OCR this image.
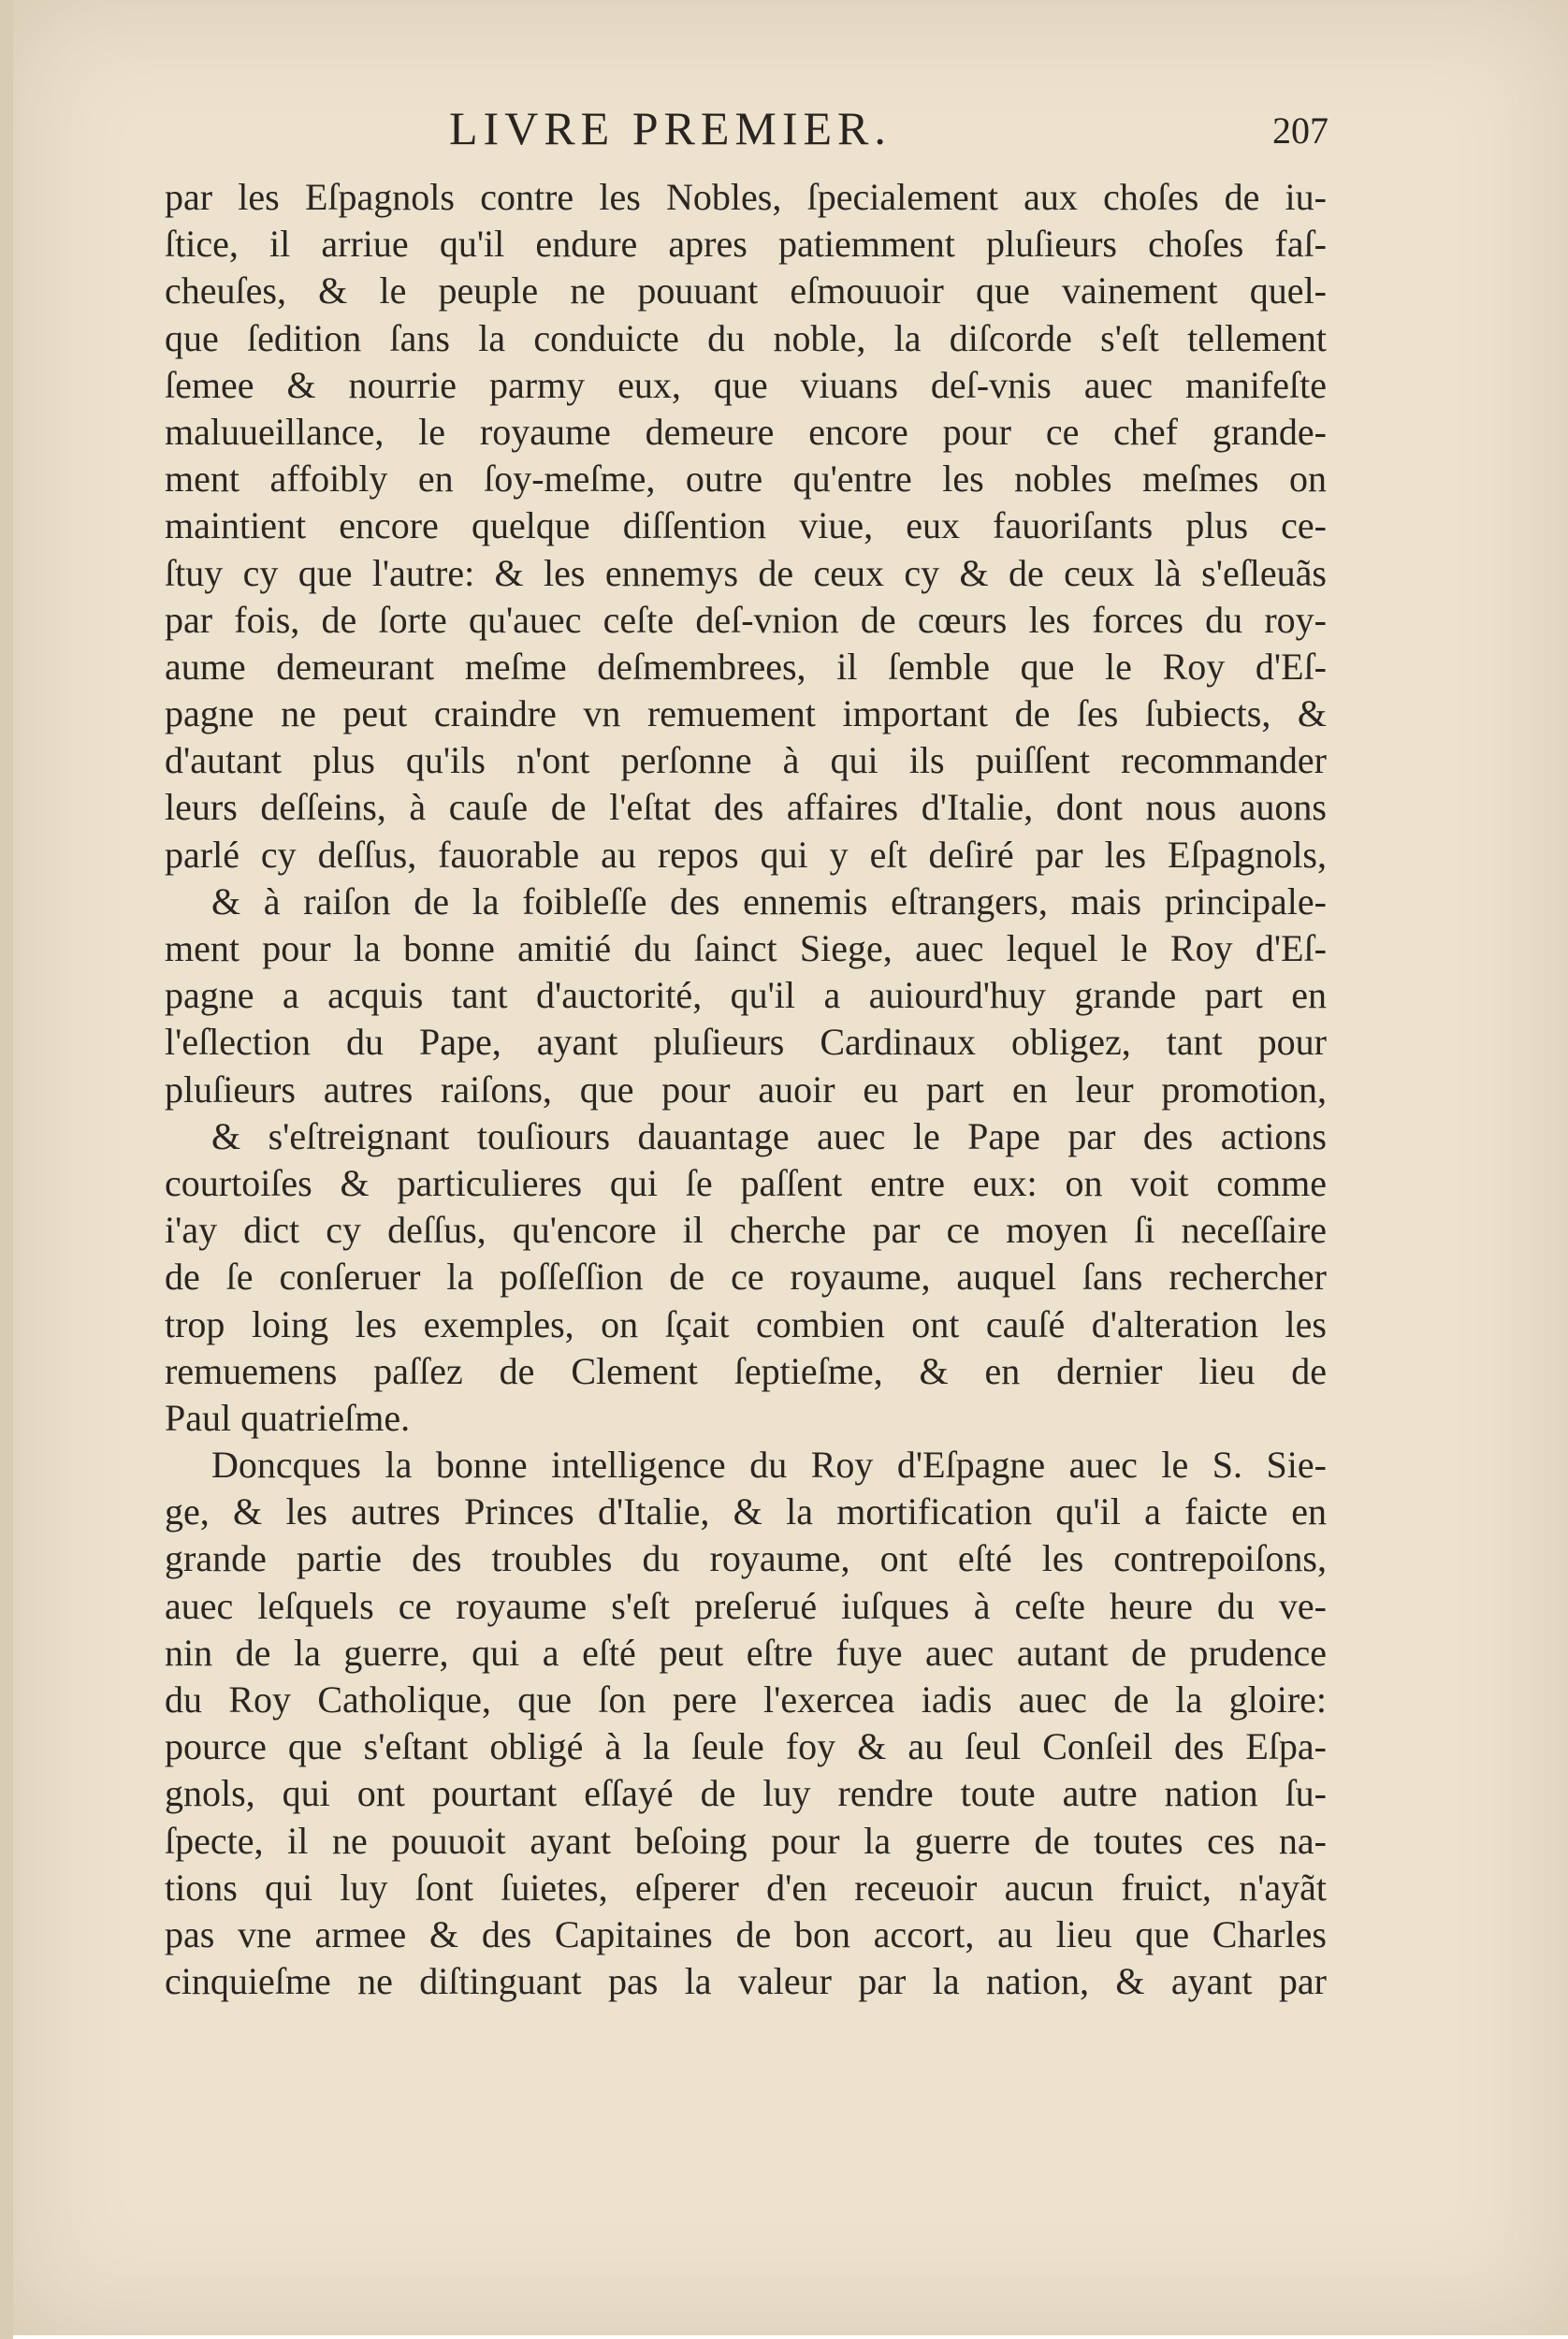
LIVRE PREMIER.	207
par les Eſpagnols contre les Nobles, ſpecialement aux choſes de iu-
ſtice, il arriue qu'il endure apres patiemment pluſieurs choſes faſ-
cheuſes, & le peuple ne pouuant eſmouuoir que vainement quel-
que ſedition ſans la conduicte du noble, la diſcorde s'eſt tellement
ſemee & nourrie parmy eux, que viuans deſ-vnis auec manifeſte
maluueillance, le royaume demeure encore pour ce chef grande-
ment affoibly en ſoy-meſme, outre qu'entre les nobles meſmes on
maintient encore quelque diſſention viue, eux fauoriſants plus ce-
ſtuy cy que l'autre: & les ennemys de ceux cy & de ceux là s'eſleuãs
par fois, de ſorte qu'auec ceſte deſ-vnion de cœurs les forces du roy-
aume demeurant meſme deſmembrees, il ſemble que le Roy d'Eſ-
pagne ne peut craindre vn remuement important de ſes ſubiects, &
d'autant plus qu'ils n'ont perſonne à qui ils puiſſent recommander
leurs deſſeins, à cauſe de l'eſtat des affaires d'Italie, dont nous auons
parlé cy deſſus, fauorable au repos qui y eſt deſiré par les Eſpagnols,
& à raiſon de la foibleſſe des ennemis eſtrangers, mais principale-
ment pour la bonne amitié du ſainct Siege, auec lequel le Roy d'Eſ-
pagne a acquis tant d'auctorité, qu'il a auiourd'huy grande part en
l'eſlection du Pape, ayant pluſieurs Cardinaux obligez, tant pour
pluſieurs autres raiſons, que pour auoir eu part en leur promotion,
& s'eſtreignant touſiours dauantage auec le Pape par des actions
courtoiſes & particulieres qui ſe paſſent entre eux: on voit comme
i'ay dict cy deſſus, qu'encore il cherche par ce moyen ſi neceſſaire
de ſe conſeruer la poſſeſſion de ce royaume, auquel ſans rechercher
trop loing les exemples, on ſçait combien ont cauſé d'alteration les
remuemens paſſez de Clement ſeptieſme, & en dernier lieu de
Paul quatrieſme.
Doncques la bonne intelligence du Roy d'Eſpagne auec le S. Sie-
ge, & les autres Princes d'Italie, & la mortification qu'il a faicte en
grande partie des troubles du royaume, ont eſté les contrepoiſons,
auec leſquels ce royaume s'eſt preſerué iuſques à ceſte heure du ve-
nin de la guerre, qui a eſté peut eſtre fuye auec autant de prudence
du Roy Catholique, que ſon pere l'exercea iadis auec de la gloire:
pource que s'eſtant obligé à la ſeule foy & au ſeul Conſeil des Eſpa-
gnols, qui ont pourtant eſſayé de luy rendre toute autre nation ſu-
ſpecte, il ne pouuoit ayant beſoing pour la guerre de toutes ces na-
tions qui luy ſont ſuietes, eſperer d'en receuoir aucun fruict, n'ayãt
pas vne armee & des Capitaines de bon accort, au lieu que Charles
cinquieſme ne diſtinguant pas la valeur par la nation, & ayant par
